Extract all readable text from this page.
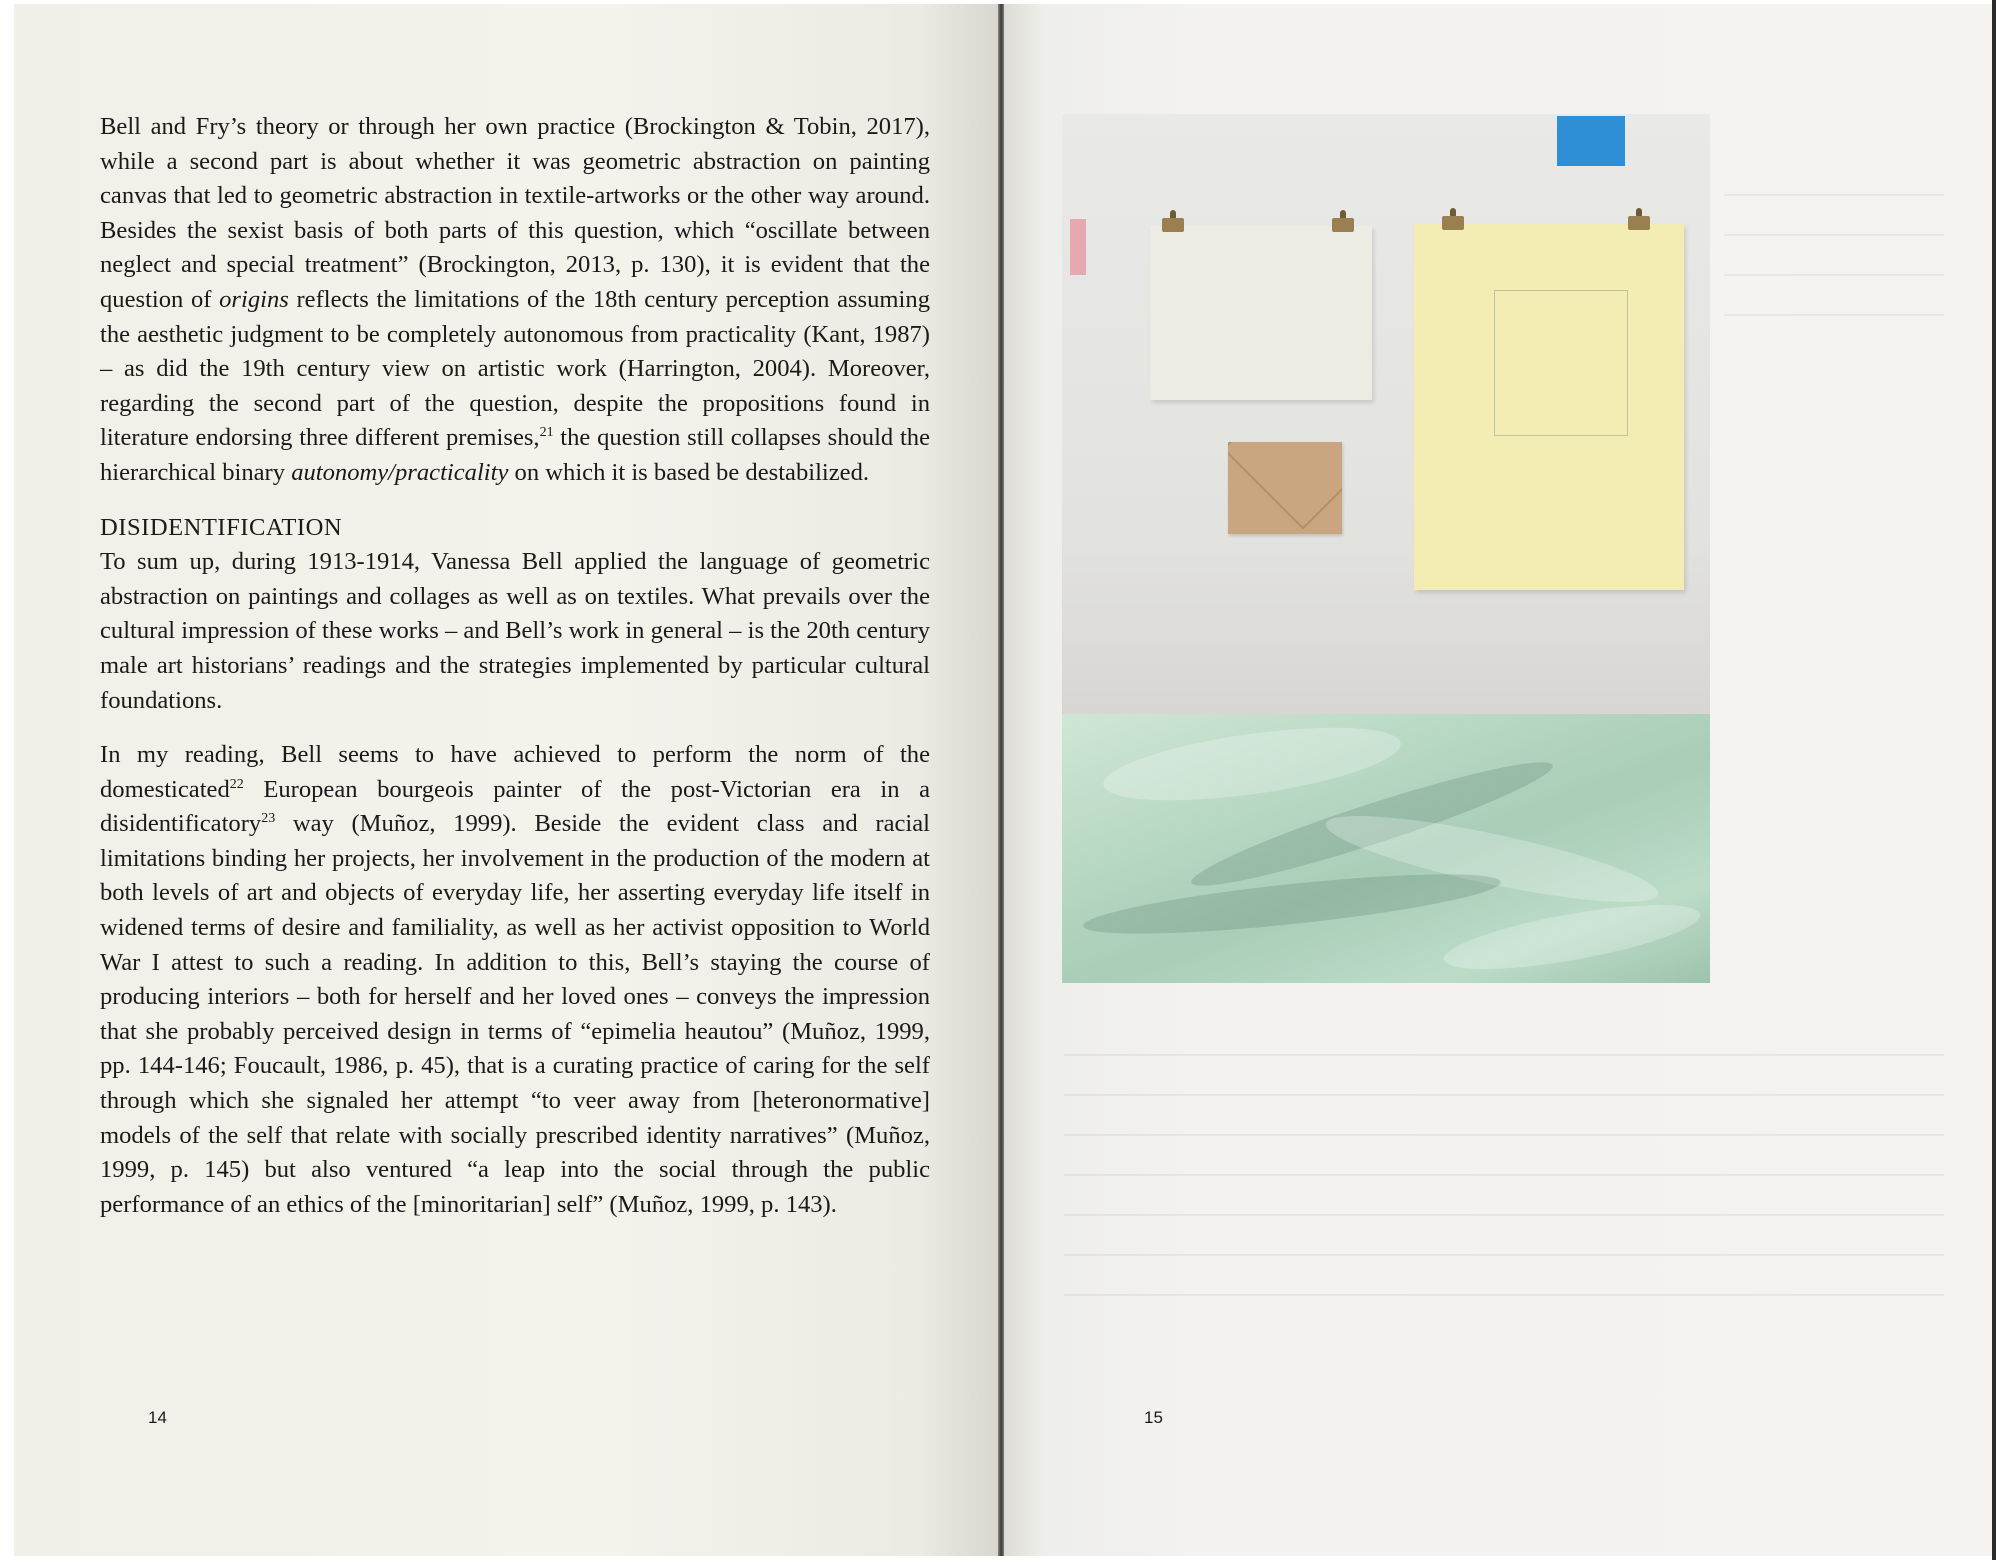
Bell and Fry’s theory or through her own practice (Brockington & Tobin, 2017), while a second part is about whether it was geometric abstraction on painting canvas that led to geometric abstraction in textile-artworks or the other way around. Besides the sexist basis of both parts of this question, which “oscillate between neglect and special treatment” (Brockington, 2013, p. 130), it is evident that the question of origins reflects the limitations of the 18th century perception assuming the aesthetic judgment to be completely autonomous from practicality (Kant, 1987) – as did the 19th century view on artistic work (Harrington, 2004). Moreover, regarding the second part of the question, despite the propositions found in literature endorsing three different premises,$^{21}$ the question still collapses should the hierarchical binary autonomy/practicality on which it is based be destabilized.

DISIDENTIFICATION

To sum up, during 1913-1914, Vanessa Bell applied the language of geometric abstraction on paintings and collages as well as on textiles. What prevails over the cultural impression of these works – and Bell’s work in general – is the 20th century male art historians’ readings and the strategies implemented by particular cultural foundations.

In my reading, Bell seems to have achieved to perform the norm of the domesticated$^{22}$ European bourgeois painter of the post-Victorian era in a disidentificatory$^{23}$ way (Muñoz, 1999). Beside the evident class and racial limitations binding her projects, her involvement in the production of the modern at both levels of art and objects of everyday life, her asserting everyday life itself in widened terms of desire and familiality, as well as her activist opposition to World War I attest to such a reading. In addition to this, Bell’s staying the course of producing interiors – both for herself and her loved ones – conveys the impression that she probably perceived design in terms of “epimelia heautou” (Muñoz, 1999, pp. 144-146; Foucault, 1986, p. 45), that is a curating practice of caring for the self through which she signaled her attempt “to veer away from [heteronormative] models of the self that relate with socially prescribed identity narratives” (Muñoz, 1999, p. 145) but also ventured “a leap into the social through the public performance of an ethics of the [minoritarian] self” (Muñoz, 1999, p. 143).

14	15
